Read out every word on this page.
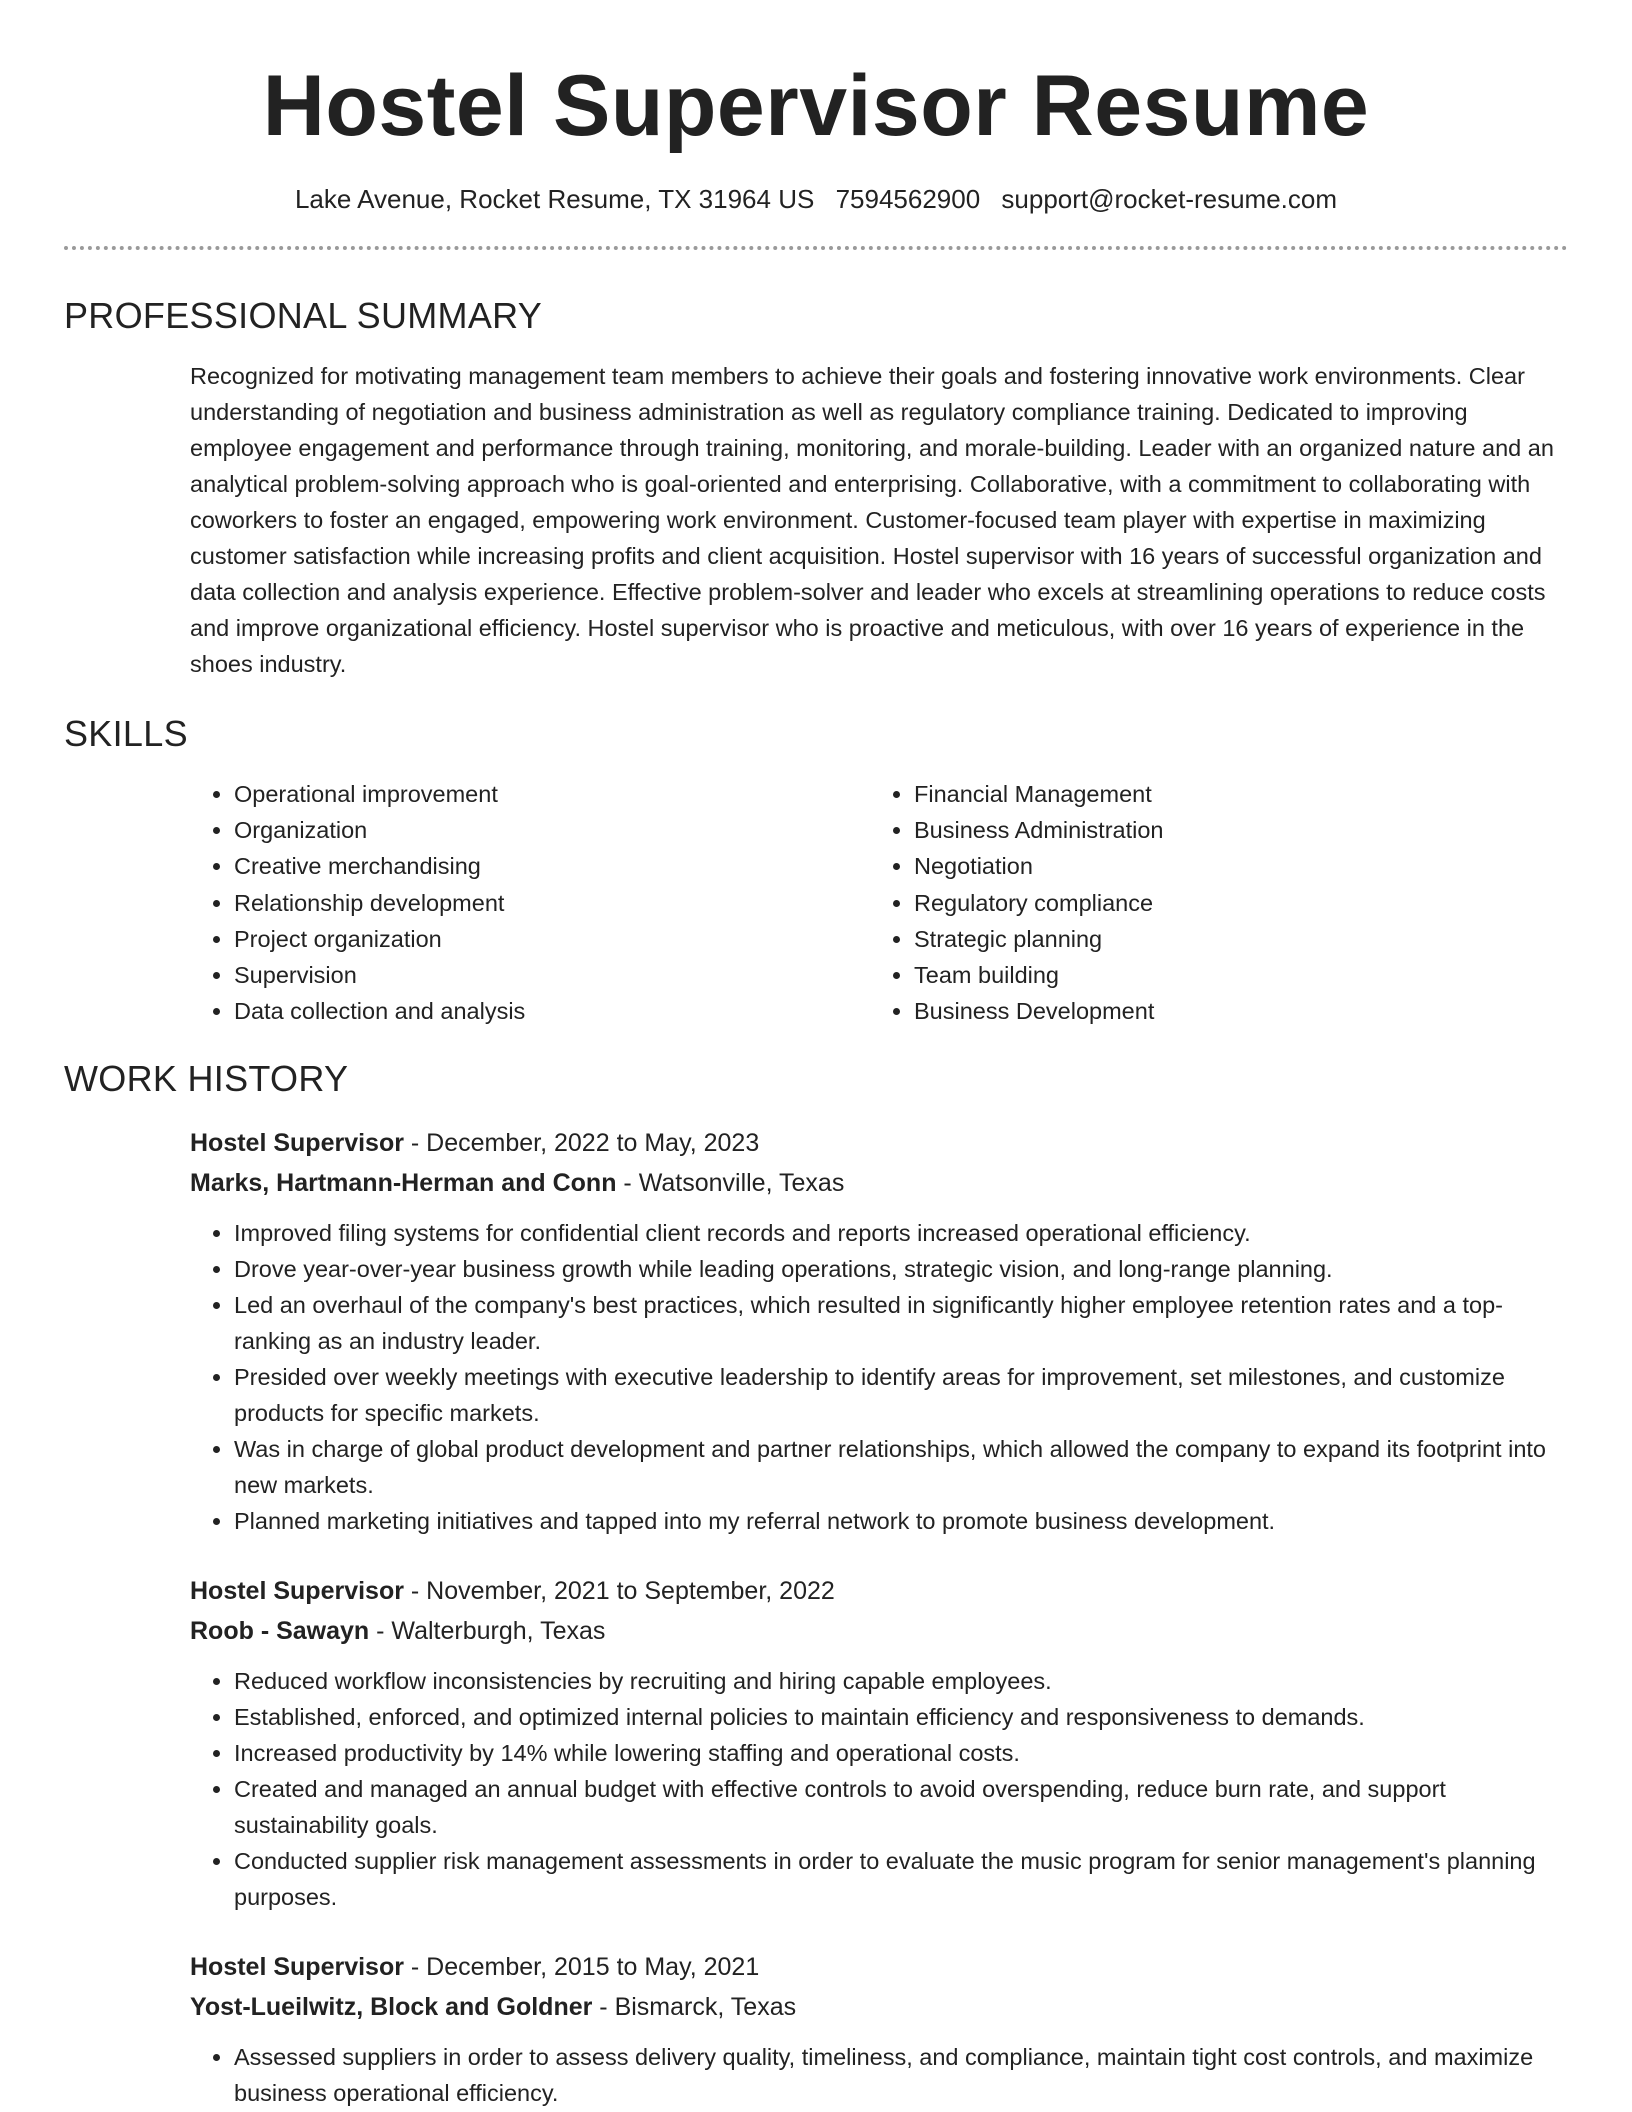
Hostel Supervisor Resume
Lake Avenue, Rocket Resume, TX 31964 US 7594562900 support@rocket-resume.com
PROFESSIONAL SUMMARY

Recognized for motivating management team members to achieve their goals and fostering innovative work environments. Clear understanding of negotiation and business administration as well as regulatory compliance training. Dedicated to improving employee engagement and performance through training, monitoring, and morale-building. Leader with an organized nature and an analytical problem-solving approach who is goal-oriented and enterprising. Collaborative, with a commitment to collaborating with coworkers to foster an engaged, empowering work environment. Customer-focused team player with expertise in maximizing customer satisfaction while increasing profits and client acquisition. Hostel supervisor with 16 years of successful organization and data collection and analysis experience. Effective problem-solver and leader who excels at streamlining operations to reduce costs and improve organizational efficiency. Hostel supervisor who is proactive and meticulous, with over 16 years of experience in the shoes industry.

SKILLS
• Operational improvement
• Organization
• Creative merchandising
• Relationship development
• Project organization
• Supervision
• Data collection and analysis
• Financial Management
• Business Administration
• Negotiation
• Regulatory compliance
• Strategic planning
• Team building
• Business Development
WORK HISTORY
Hostel Supervisor - December, 2022 to May, 2023
Marks, Hartmann-Herman and Conn - Watsonville, Texas
• Improved filing systems for confidential client records and reports increased operational efficiency.
• Drove year-over-year business growth while leading operations, strategic vision, and long-range planning.
• Led an overhaul of the company's best practices, which resulted in significantly higher employee retention rates and a top-ranking as an industry leader.
• Presided over weekly meetings with executive leadership to identify areas for improvement, set milestones, and customize products for specific markets.
• Was in charge of global product development and partner relationships, which allowed the company to expand its footprint into new markets.
• Planned marketing initiatives and tapped into my referral network to promote business development.
Hostel Supervisor - November, 2021 to September, 2022
Roob - Sawayn - Walterburgh, Texas
• Reduced workflow inconsistencies by recruiting and hiring capable employees.
• Established, enforced, and optimized internal policies to maintain efficiency and responsiveness to demands.
• Increased productivity by 14% while lowering staffing and operational costs.
• Created and managed an annual budget with effective controls to avoid overspending, reduce burn rate, and support sustainability goals.
• Conducted supplier risk management assessments in order to evaluate the music program for senior management's planning purposes.
Hostel Supervisor - December, 2015 to May, 2021
Yost-Lueilwitz, Block and Goldner - Bismarck, Texas
• Assessed suppliers in order to assess delivery quality, timeliness, and compliance, maintain tight cost controls, and maximize business operational efficiency.
